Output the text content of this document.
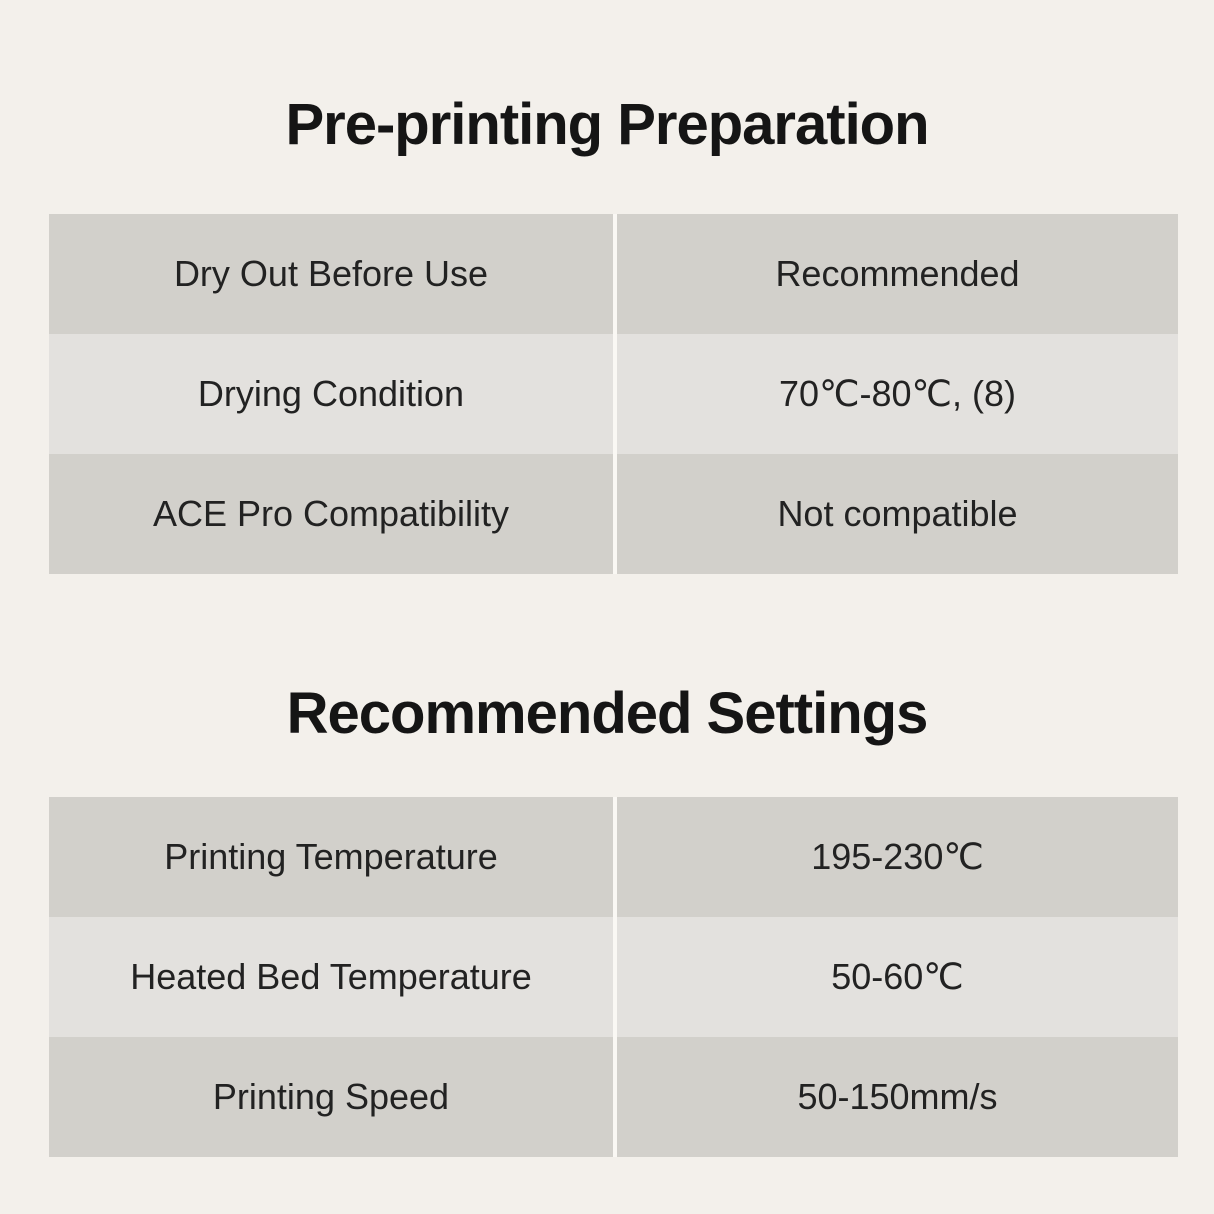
Pre-printing Preparation
Dry Out Before Use	Recommended
Drying Condition	70℃-80℃, (8)
ACE Pro Compatibility	Not compatible
Recommended Settings
Printing Temperature	195-230℃
Heated Bed Temperature	50-60℃
Printing Speed	50-150mm/s
